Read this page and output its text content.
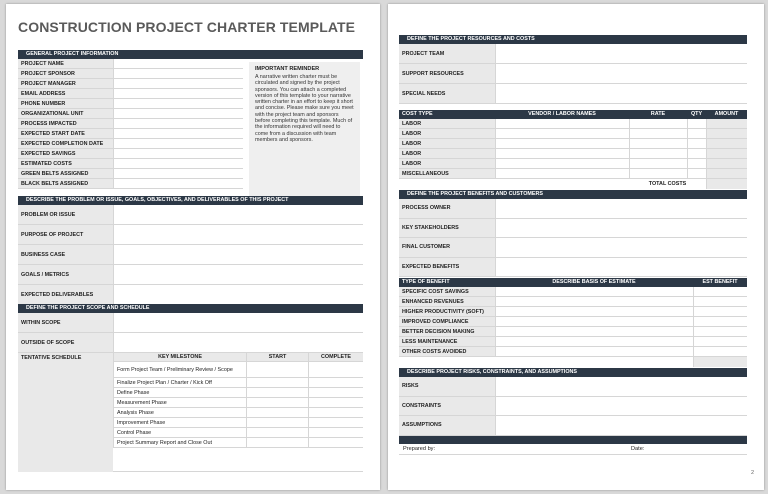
CONSTRUCTION PROJECT CHARTER TEMPLATE
GENERAL PROJECT INFORMATION
PROJECT NAME
PROJECT SPONSOR
PROJECT MANAGER
EMAIL ADDRESS
PHONE NUMBER
ORGANIZATIONAL UNIT
PROCESS IMPACTED
EXPECTED START DATE
EXPECTED COMPLETION DATE
EXPECTED SAVINGS
ESTIMATED COSTS
GREEN BELTS ASSIGNED
BLACK BELTS ASSIGNED
IMPORTANT REMINDER
A narrative written charter must be circulated and signed by the project sponsors. You can attach a completed version of this template to your narrative written charter in an effort to keep it short and concise. Please make sure you meet with the project team and sponsors before completing this template. Much of the information required will need to come from a discussion with team members and sponsors.
DESCRIBE THE PROBLEM OR ISSUE, GOALS, OBJECTIVES, AND DELIVERABLES OF THIS PROJECT
PROBLEM OR ISSUE
PURPOSE OF PROJECT
BUSINESS CASE
GOALS / METRICS
EXPECTED DELIVERABLES
DEFINE THE PROJECT SCOPE AND SCHEDULE
WITHIN SCOPE
OUTSIDE OF SCOPE
TENTATIVE SCHEDULE	KEY MILESTONE	START	COMPLETE
Form Project Team / Preliminary Review / Scope
Finalize Project Plan / Charter / Kick Off
Define Phase
Measurement Phase
Analysis Phase
Improvement Phase
Control Phase
Project Summary Report and Close Out
DEFINE THE PROJECT RESOURCES AND COSTS
PROJECT TEAM
SUPPORT RESOURCES
SPECIAL NEEDS
COST TYPE	VENDOR / LABOR NAMES	RATE	QTY	AMOUNT
LABOR
LABOR
LABOR
LABOR
LABOR
MISCELLANEOUS
TOTAL COSTS
DEFINE THE PROJECT BENEFITS AND CUSTOMERS
PROCESS OWNER
KEY STAKEHOLDERS
FINAL CUSTOMER
EXPECTED BENEFITS
TYPE OF BENEFIT	DESCRIBE BASIS OF ESTIMATE	EST BENEFIT
SPECIFIC COST SAVINGS
ENHANCED REVENUES
HIGHER PRODUCTIVITY (SOFT)
IMPROVED COMPLIANCE
BETTER DECISION MAKING
LESS MAINTENANCE
OTHER COSTS AVOIDED
DESCRIBE PROJECT RISKS, CONSTRAINTS, AND ASSUMPTIONS
RISKS
CONSTRAINTS
ASSUMPTIONS
Prepared by:	Date:
2
